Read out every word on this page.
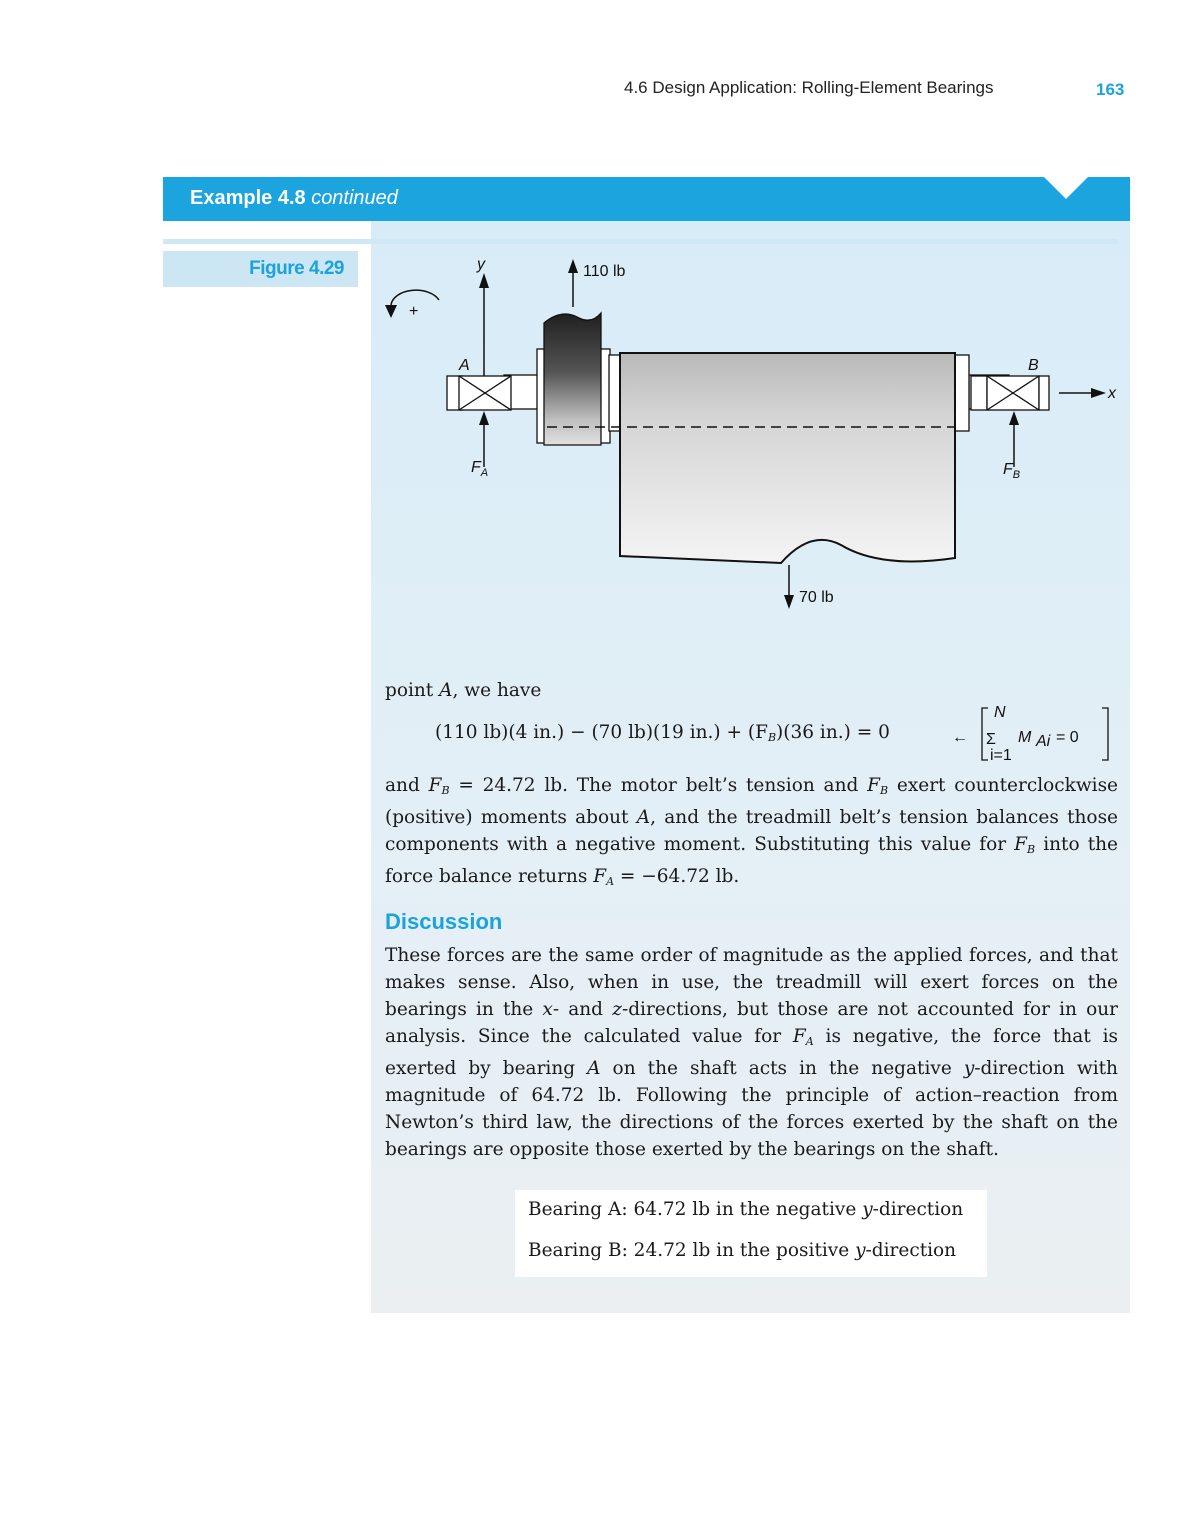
4.6 Design Application: Rolling-Element Bearings	163
Example 4.8 continued
Figure 4.29
+
y
A	B
x
110 lb
70 lb
$F_A$	$F_B$
point A, we have
(110 lb)(4 in.) − (70 lb)(19 $in.) + (F_B)(36$ in.) = 0	←
N
Σ
i=1
M Ai = 0
and $F_B = 24.72$ lb. The motor belt’s tension and $F_B$ exert counterclockwise (positive) moments about A, and the treadmill belt’s tension balances those components with a negative moment. Substituting this value for $F_B$ into the force balance returns $F_A = -64.72$ lb.
Discussion
These forces are the same order of magnitude as the applied forces, and that makes sense. Also, when in use, the treadmill will exert forces on the bearings in the x- and z-directions, but those are not accounted for in our analysis. Since the calculated value for $F_A$ is negative, the force that is exerted by bearing A on the shaft acts in the negative y-direction with magnitude of 64.72 lb. Following the principle of action–reaction from Newton’s third law, the directions of the forces exerted by the shaft on the bearings are opposite those exerted by the bearings on the shaft.
Bearing A: 64.72 lb in the negative y-direction
Bearing B: 24.72 lb in the positive y-direction
